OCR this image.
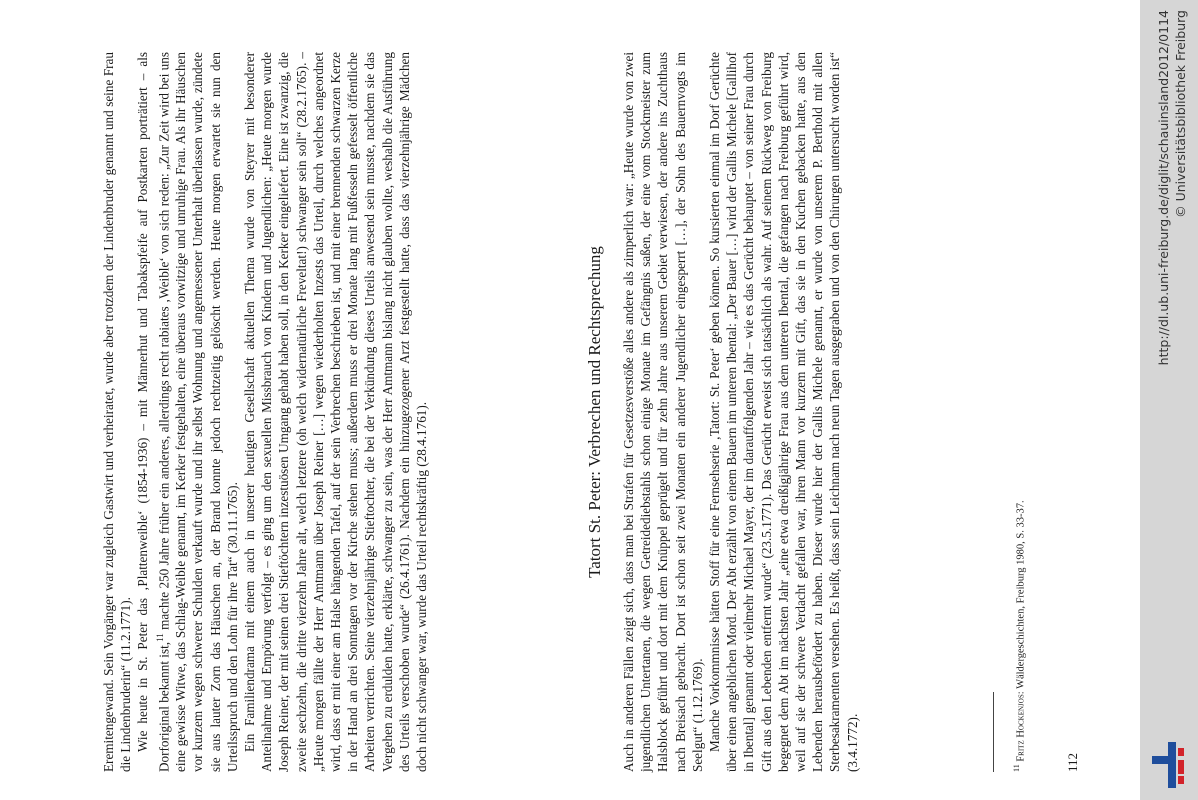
Eremitengewand. Sein Vorgänger war zugleich Gastwirt und verheiratet, wurde aber trotzdem der Lindenbruder genannt und seine Frau die Lindenbruderin“ (11.2.1771). Wie heute in St. Peter das ‚Plattenweible‘ (1854-1936) – mit Männerhut und Tabakspfeife auf Postkarten porträtiert – als Dorforiginal bekannt ist,$^{11}$ machte 250 Jahre früher ein anderes, allerdings recht rabiates ‚Weible‘ von sich reden: „Zur Zeit wird bei uns eine gewisse Witwe, das Schlag-Weible genannt, im Kerker festgehalten, eine überaus vorwitzige und unruhige Frau. Als ihr Häuschen vor kurzem wegen schwerer Schulden verkauft wurde und ihr selbst Wohnung und angemessener Unterhalt überlassen wurde, zündete sie aus lauter Zorn das Häuschen an, der Brand konnte jedoch rechtzeitig gelöscht werden. Heute morgen erwartet sie nun den Urteilsspruch und den Lohn für ihre Tat“ (30.11.1765). Ein Familiendrama mit einem auch in unserer heutigen Gesellschaft aktuellen Thema wurde von Steyrer mit besonderer Anteilnahme und Empörung verfolgt – es ging um den sexuellen Missbrauch von Kindern und Jugendlichen: „Heute morgen wurde Joseph Reiner, der mit seinen drei Stieftöchtern inzestuösen Umgang gehabt haben soll, in den Kerker eingeliefert. Eine ist zwanzig, die zweite sechzehn, die dritte vierzehn Jahre alt, welch letztere (oh welch widernatürliche Freveltat!) schwanger sein soll“ (28.2.1765). – „Heute morgen fällte der Herr Amtmann über Joseph Reiner […] wegen wiederholten Inzests das Urteil, durch welches angeordnet wird, dass er mit einer am Halse hängenden Tafel, auf der sein Verbrechen beschrieben ist, und mit einer brennenden schwarzen Kerze in der Hand an drei Sonntagen vor der Kirche stehen muss; außerdem muss er drei Monate lang mit Fußfesseln gefesselt öffentliche Arbeiten verrichten. Seine vierzehnjährige Stieftochter, die bei der Verkündung dieses Urteils anwesend sein musste, nachdem sie das Vergehen zu erdulden hatte, erklärte, schwanger zu sein, was der Herr Amtmann bislang nicht glauben wollte, weshalb die Ausführung des Urteils verschoben wurde“ (26.4.1761). Nachdem ein hinzugezogener Arzt festgestellt hatte, dass das vierzehnjährige Mädchen doch nicht schwanger war, wurde das Urteil rechtskräftig (28.4.1761).	Tatort St. Peter: Verbrechen und Rechtsprechung Auch in anderen Fällen zeigt sich, dass man bei Strafen für Gesetzesverstöße alles andere als zimperlich war: „Heute wurde von zwei jugendlichen Untertanen, die wegen Getreidediebstahls schon einige Monate im Gefängnis saßen, der eine vom Stockmeister zum Halsblock geführt und dort mit dem Knüppel geprügelt und für zehn Jahre aus unserem Gebiet verwiesen, der andere ins Zuchthaus nach Breisach gebracht. Dort ist schon seit zwei Monaten ein anderer Jugendlicher eingesperrt […], der Sohn des Bauernvogts im Seelgut“ (1.12.1769). Manche Vorkommnisse hätten Stoff für eine Fernsehserie ‚Tatort: St. Peter‘ geben können. So kursierten einmal im Dorf Gerüchte über einen angeblichen Mord. Der Abt erzählt von einem Bauern im unteren Ibental: „Der Bauer […] wird der Gallis Michele [Gallihof in Ibental] genannt oder vielmehr Michael Mayer, der im darauffolgenden Jahr – wie es das Gerücht behauptet – von seiner Frau durch Gift aus den Lebenden entfernt wurde“ (23.5.1771). Das Gerücht erweist sich tatsächlich als wahr. Auf seinem Rückweg von Freiburg begegnet dem Abt im nächsten Jahr „eine etwa dreißigjährige Frau aus dem unteren Ibental, die gefangen nach Freiburg geführt wird, weil auf sie der schwere Verdacht gefallen war, ihren Mann vor kurzem mit Gift, das sie in den Kuchen gebacken hatte, aus den Lebenden herausbefördert zu haben. Dieser wurde hier der Gallis Michele genannt, er wurde von unserem P. Berthold mit allen Sterbesakramenten versehen. Es heißt, dass sein Leichnam nach neun Tagen ausgegraben und von den Chirurgen untersucht worden ist“ (3.4.1772).	$^{11}$ Fritz Hockenjos: Wäldergeschichten, Freiburg 1980, S. 33-37.
112
http://dl.ub.uni-freiburg.de/diglit/schauinsland2012/0114 © Universitätsbibliothek Freiburg
